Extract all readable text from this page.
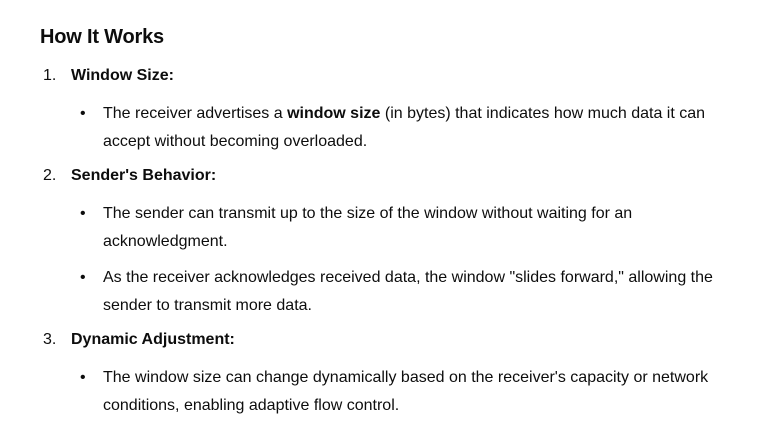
How It Works
1. Window Size:
• The receiver advertises a window size (in bytes) that indicates how much data it can accept without becoming overloaded.
2. Sender's Behavior:
• The sender can transmit up to the size of the window without waiting for an acknowledgment.
• As the receiver acknowledges received data, the window "slides forward," allowing the sender to transmit more data.
3. Dynamic Adjustment:
• The window size can change dynamically based on the receiver's capacity or network conditions, enabling adaptive flow control.
